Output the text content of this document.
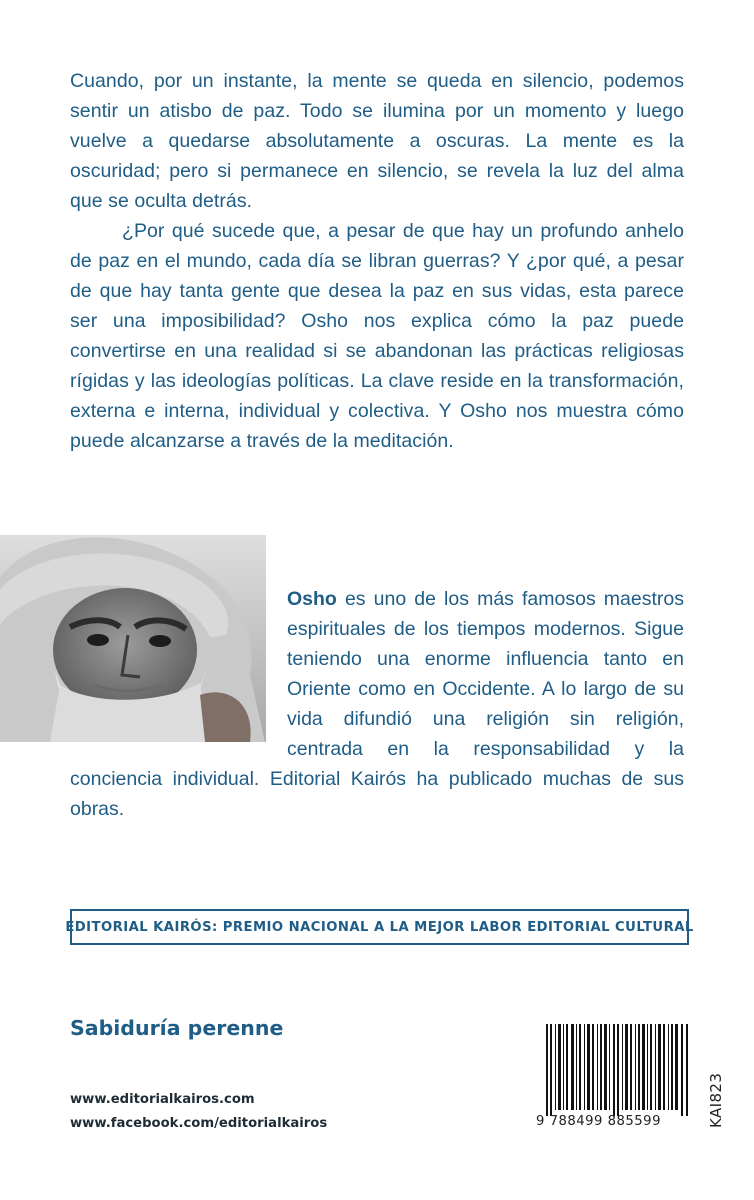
Cuando, por un instante, la mente se queda en silencio, podemos sentir un atisbo de paz. Todo se ilumina por un momento y luego vuelve a quedarse absolutamente a oscuras. La mente es la oscuridad; pero si permanece en silencio, se revela la luz del alma que se oculta detrás.

¿Por qué sucede que, a pesar de que hay un profundo anhelo de paz en el mundo, cada día se libran guerras? Y ¿por qué, a pesar de que hay tanta gente que desea la paz en sus vidas, esta parece ser una imposibilidad? Osho nos explica cómo la paz puede convertirse en una realidad si se abandonan las prácticas religiosas rígidas y las ideologías políticas. La clave reside en la transformación, externa e interna, individual y colectiva. Y Osho nos muestra cómo puede alcanzarse a través de la meditación.

Osho es uno de los más famosos maestros espirituales de los tiempos modernos. Sigue teniendo una enorme influencia tanto en Oriente como en Occidente. A lo largo de su vida difundió una religión sin religión, centrada en la responsabilidad y la conciencia individual. Editorial Kairós ha publicado muchas de sus obras.
EDITORIAL KAIRÓS: PREMIO NACIONAL A LA MEJOR LABOR EDITORIAL CULTURAL
Sabiduría perenne
www.editorialkairos.com
www.facebook.com/editorialkairos	9 788499 885599	KAI823
